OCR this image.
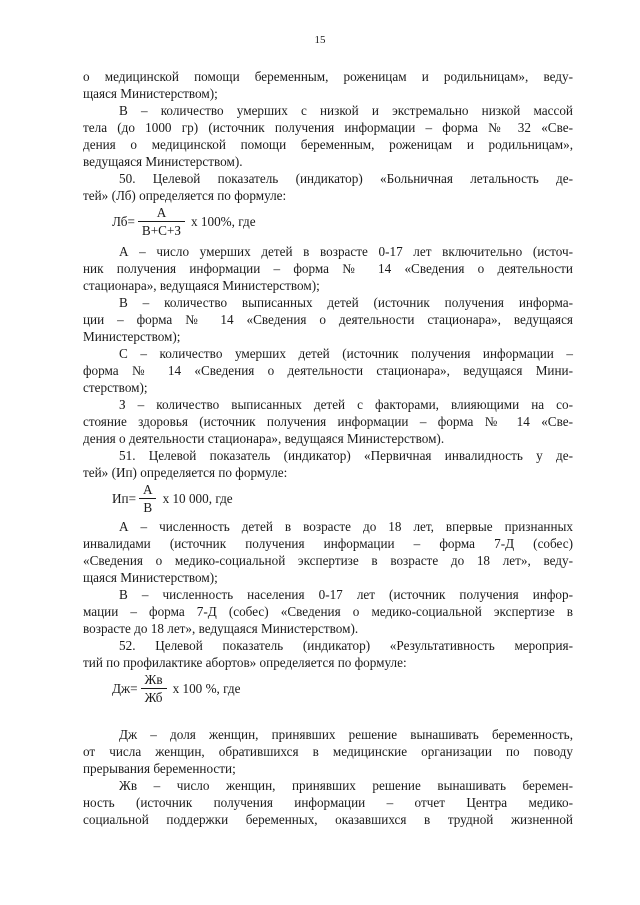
15
о медицинской помощи беременным, роженицам и родильницам», веду-
щаяся Министерством);
В – количество умерших с низкой и экстремально низкой массой
тела (до 1000 гр) (источник получения информации – форма № 32 «Све-
дения о медицинской помощи беременным, роженицам и родильницам»,
ведущаяся Министерством).
50. Целевой показатель (индикатор) «Больничная летальность де-
тей» (Лб) определяется по формуле:
$Лб= \frac{А}{В+С+З}$ х 100%, где
А – число умерших детей в возрасте 0-17 лет включительно (источ-
ник получения информации – форма № 14 «Сведения о деятельности
стационара», ведущаяся Министерством);
В – количество выписанных детей (источник получения информа-
ции – форма № 14 «Сведения о деятельности стационара», ведущаяся
Министерством);
С – количество умерших детей (источник получения информации –
форма № 14 «Сведения о деятельности стационара», ведущаяся Мини-
стерством);
З – количество выписанных детей с факторами, влияющими на со-
стояние здоровья (источник получения информации – форма № 14 «Све-
дения о деятельности стационара», ведущаяся Министерством).
51. Целевой показатель (индикатор) «Первичная инвалидность у де-
тей» (Ип) определяется по формуле:
$Ип= \frac{А}{В}$ х 10 000, где
А – численность детей в возрасте до 18 лет, впервые признанных
инвалидами (источник получения информации – форма 7-Д (собес)
«Сведения о медико-социальной экспертизе в возрасте до 18 лет», веду-
щаяся Министерством);
В – численность населения 0-17 лет (источник получения инфор-
мации – форма 7-Д (собес) «Сведения о медико-социальной экспертизе в
возрасте до 18 лет», ведущаяся Министерством).
52. Целевой показатель (индикатор) «Результативность мероприя-
тий по профилактике абортов» определяется по формуле:
$Дж= \frac{Жв}{Жб}$ х 100 %, где
Дж – доля женщин, принявших решение вынашивать беременность,
от числа женщин, обратившихся в медицинские организации по поводу
прерывания беременности;
Жв – число женщин, принявших решение вынашивать беремен-
ность (источник получения информации – отчет Центра медико-
социальной поддержки беременных, оказавшихся в трудной жизненной
